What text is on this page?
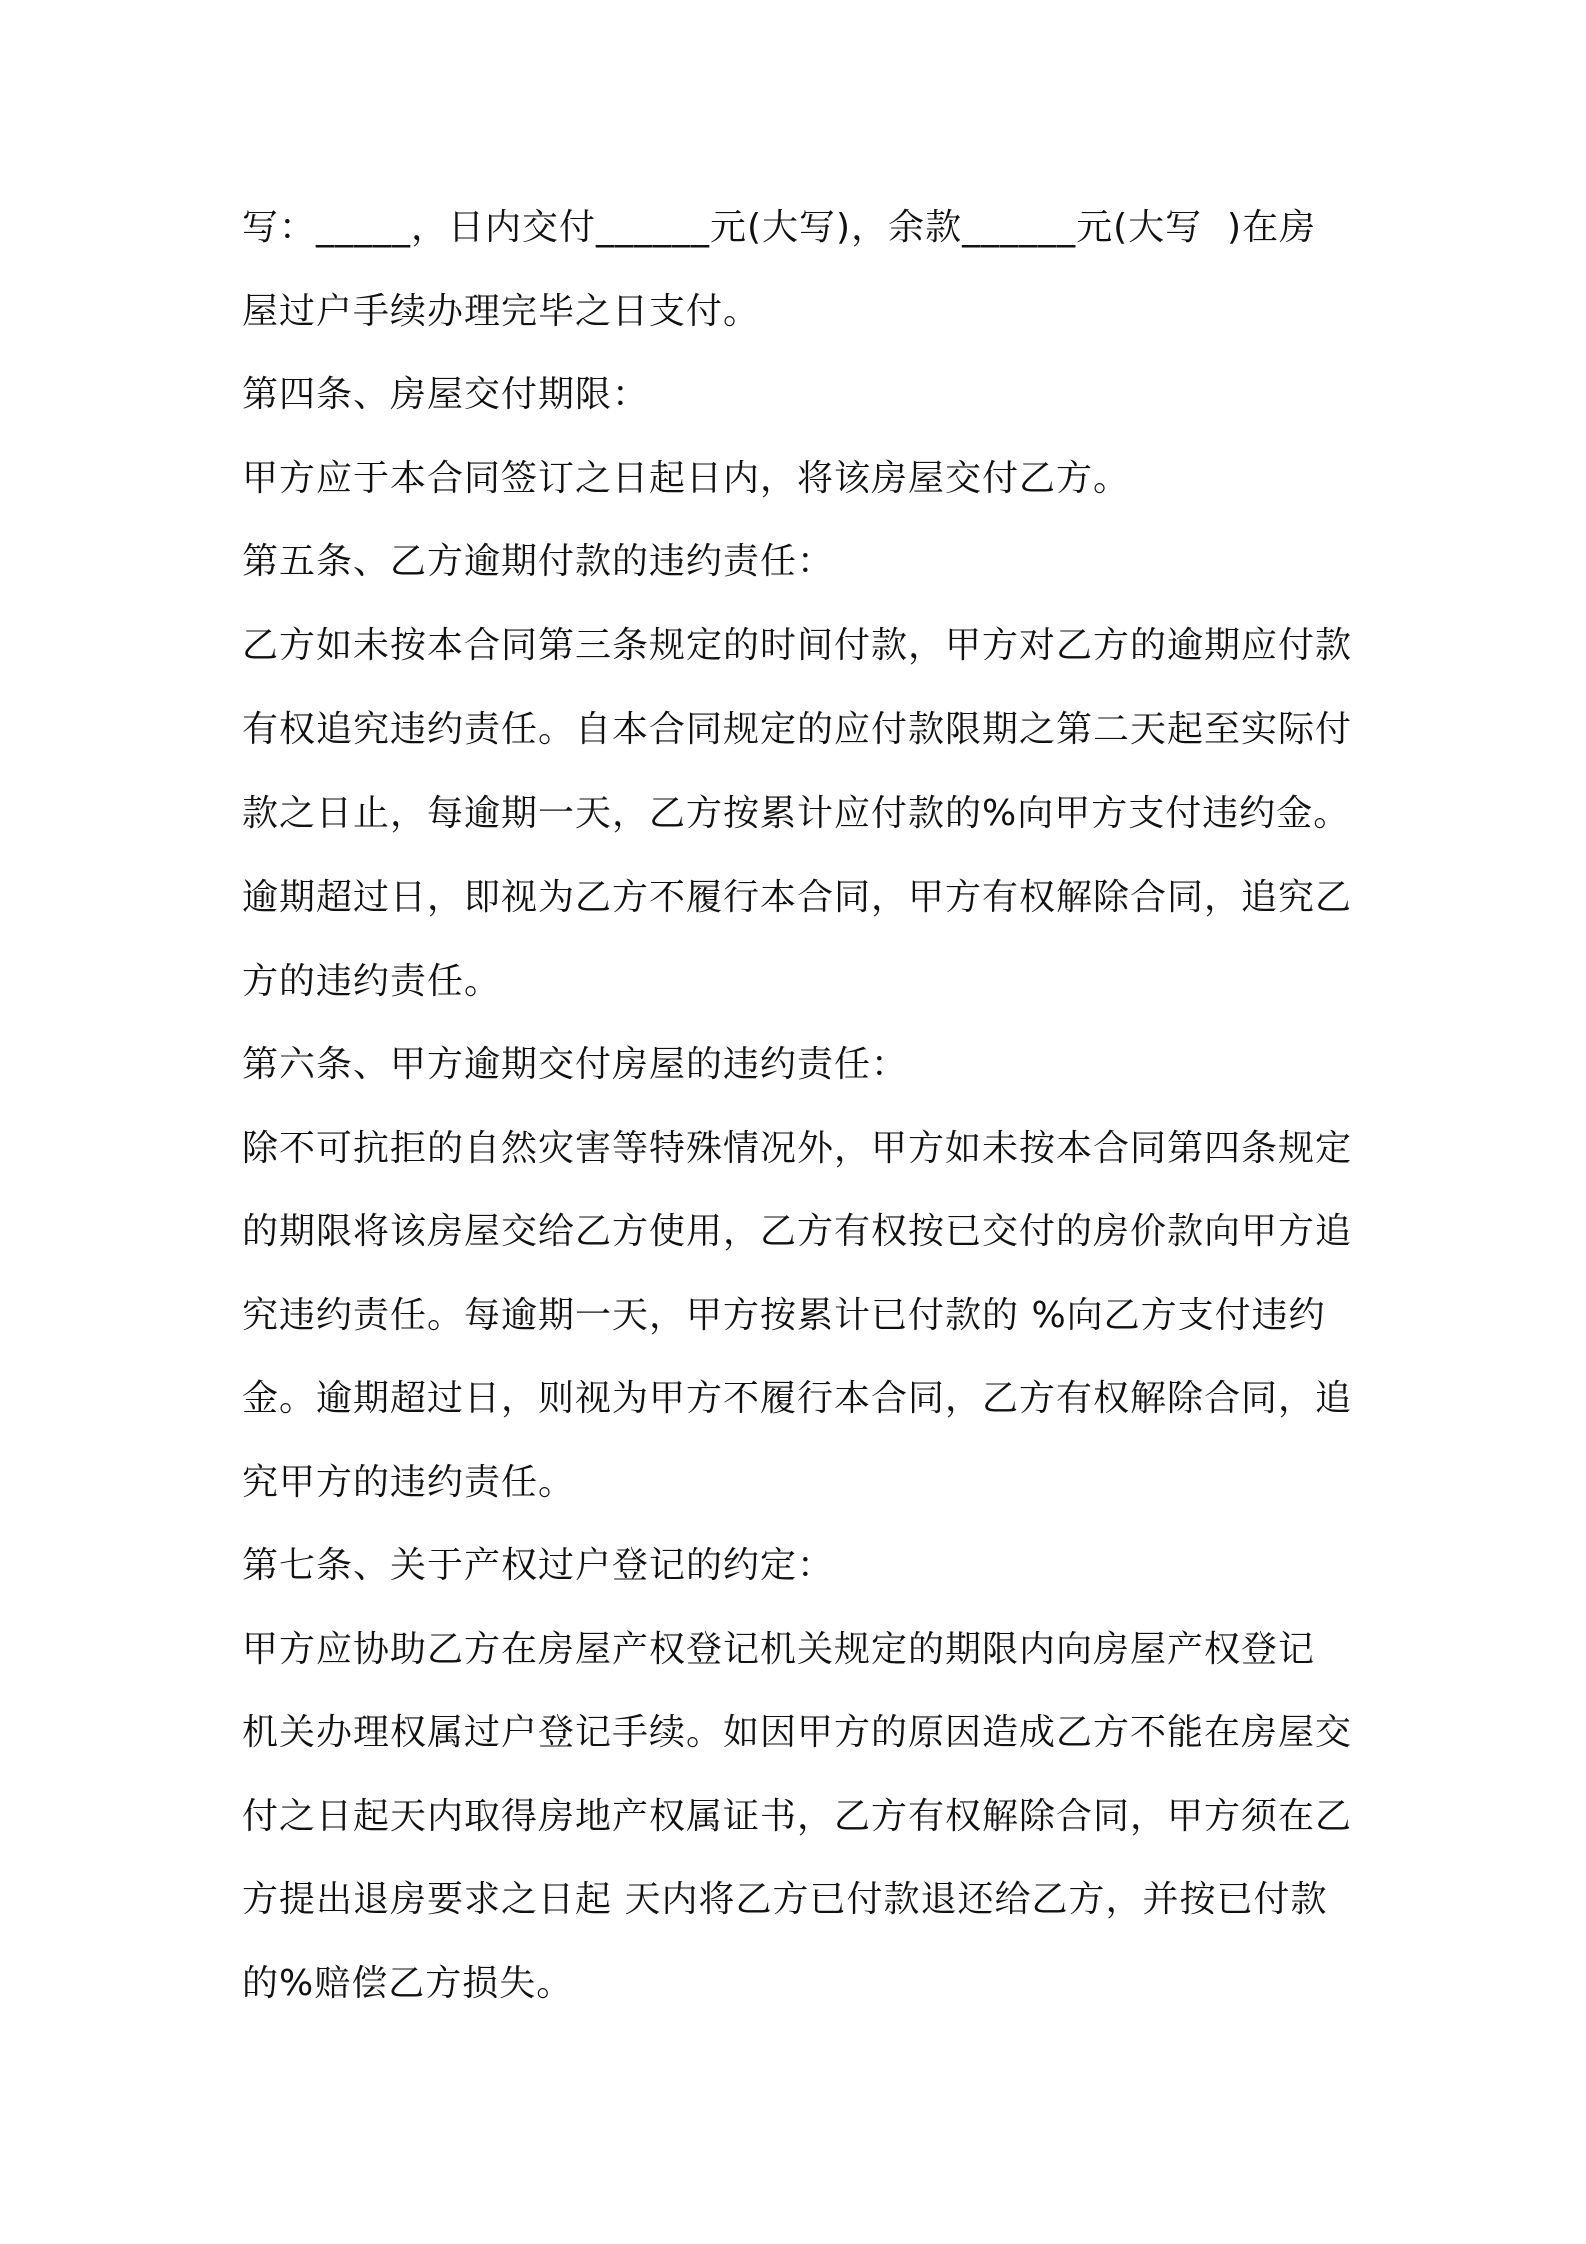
写：_____，日内交付______元(大写)，余款______元(大写  )在房
屋过户手续办理完毕之日支付。
第四条、房屋交付期限：
甲方应于本合同签订之日起日内，将该房屋交付乙方。
第五条、乙方逾期付款的违约责任：
乙方如未按本合同第三条规定的时间付款，甲方对乙方的逾期应付款
有权追究违约责任。自本合同规定的应付款限期之第二天起至实际付
款之日止，每逾期一天，乙方按累计应付款的%向甲方支付违约金。
逾期超过日，即视为乙方不履行本合同，甲方有权解除合同，追究乙
方的违约责任。
第六条、甲方逾期交付房屋的违约责任：
除不可抗拒的自然灾害等特殊情况外，甲方如未按本合同第四条规定
的期限将该房屋交给乙方使用，乙方有权按已交付的房价款向甲方追
究违约责任。每逾期一天，甲方按累计已付款的 %向乙方支付违约
金。逾期超过日，则视为甲方不履行本合同，乙方有权解除合同，追
究甲方的违约责任。
第七条、关于产权过户登记的约定：
甲方应协助乙方在房屋产权登记机关规定的期限内向房屋产权登记
机关办理权属过户登记手续。如因甲方的原因造成乙方不能在房屋交
付之日起天内取得房地产权属证书，乙方有权解除合同，甲方须在乙
方提出退房要求之日起 天内将乙方已付款退还给乙方，并按已付款
的%赔偿乙方损失。
